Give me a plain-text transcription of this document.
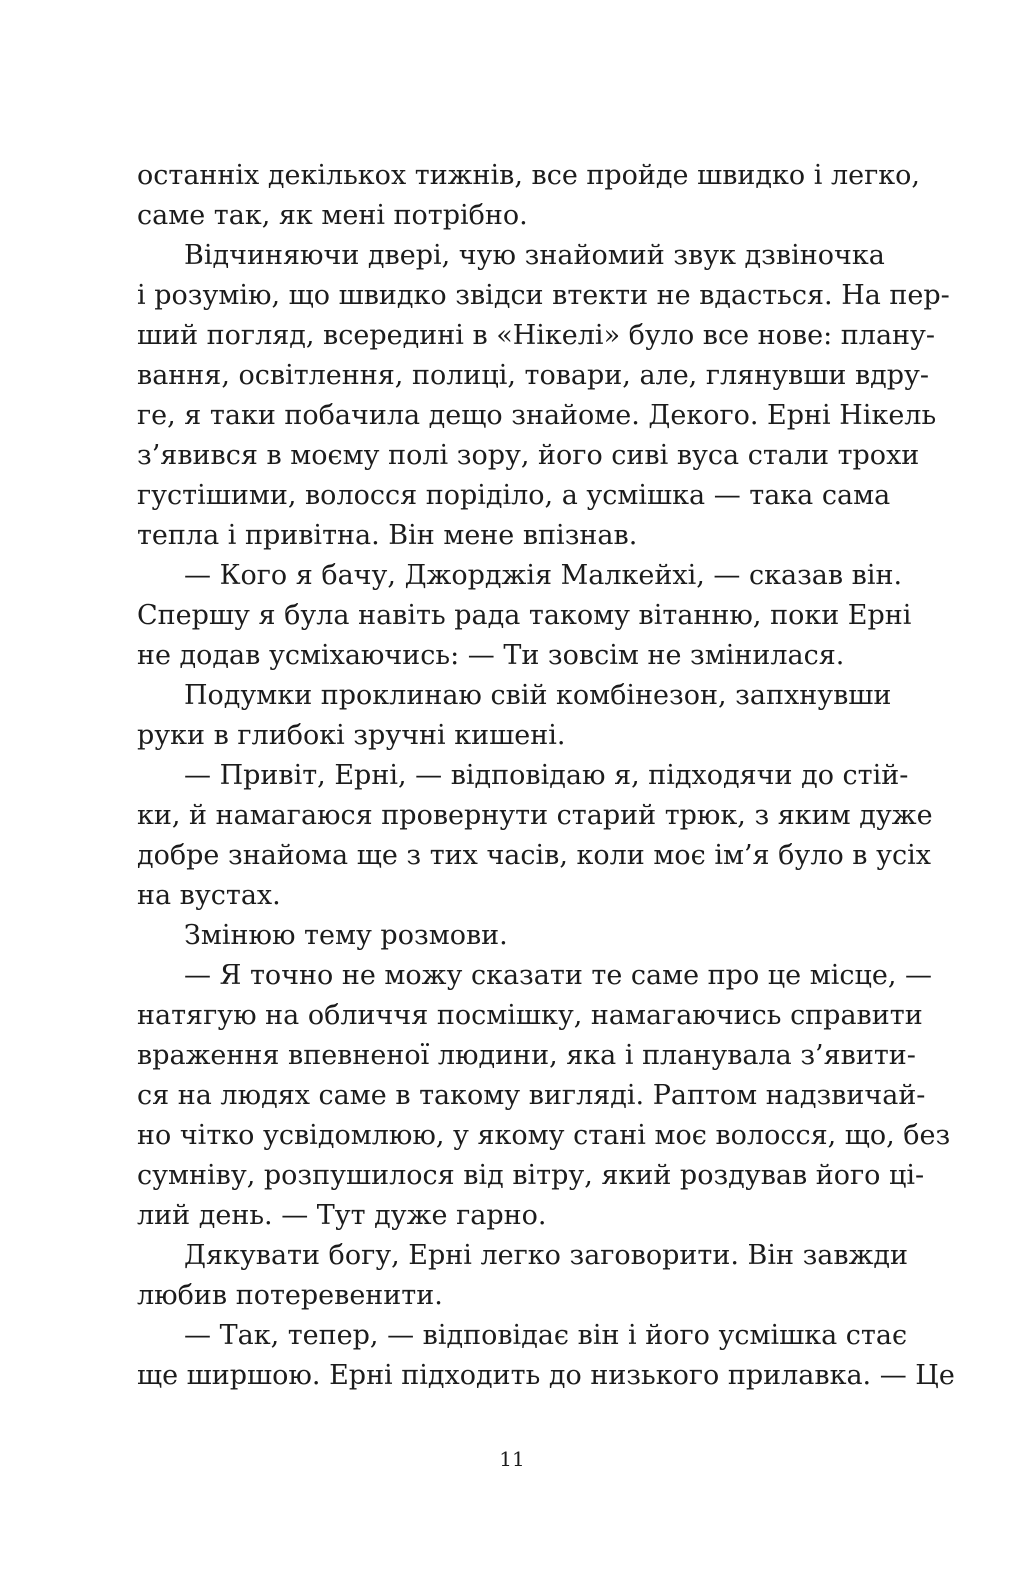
останніх декількох тижнів, все пройде швидко і легко,
саме так, як мені потрібно.
Відчиняючи двері, чую знайомий звук дзвіночка
і розумію, що швидко звідси втекти не вдасться. На пер-
ший погляд, всередині в «Нікелі» було все нове: плану-
вання, освітлення, полиці, товари, але, глянувши вдру-
ге, я таки побачила дещо знайоме. Декого. Ерні Нікель
з’явився в моєму полі зору, його сиві вуса стали трохи
густішими, волосся поріділо, а усмішка — така сама
тепла і привітна. Він мене впізнав.
— Кого я бачу, Джорджія Малкейхі, — сказав він.
Спершу я була навіть рада такому вітанню, поки Ерні
не додав усміхаючись: — Ти зовсім не змінилася.
Подумки проклинаю свій комбінезон, запхнувши
руки в глибокі зручні кишені.
— Привіт, Ерні, — відповідаю я, підходячи до стій-
ки, й намагаюся провернути старий трюк, з яким дуже
добре знайома ще з тих часів, коли моє ім’я було в усіх
на вустах.
Змінюю тему розмови.
— Я точно не можу сказати те саме про це місце, —
натягую на обличчя посмішку, намагаючись справити
враження впевненої людини, яка і планувала з’явити-
ся на людях саме в такому вигляді. Раптом надзвичай-
но чітко усвідомлюю, у якому стані моє волосся, що, без
сумніву, розпушилося від вітру, який роздував його ці-
лий день. — Тут дуже гарно.
Дякувати богу, Ерні легко заговорити. Він завжди
любив потеревенити.
— Так, тепер, — відповідає він і його усмішка стає
ще ширшою. Ерні підходить до низького прилавка. — Це
11
